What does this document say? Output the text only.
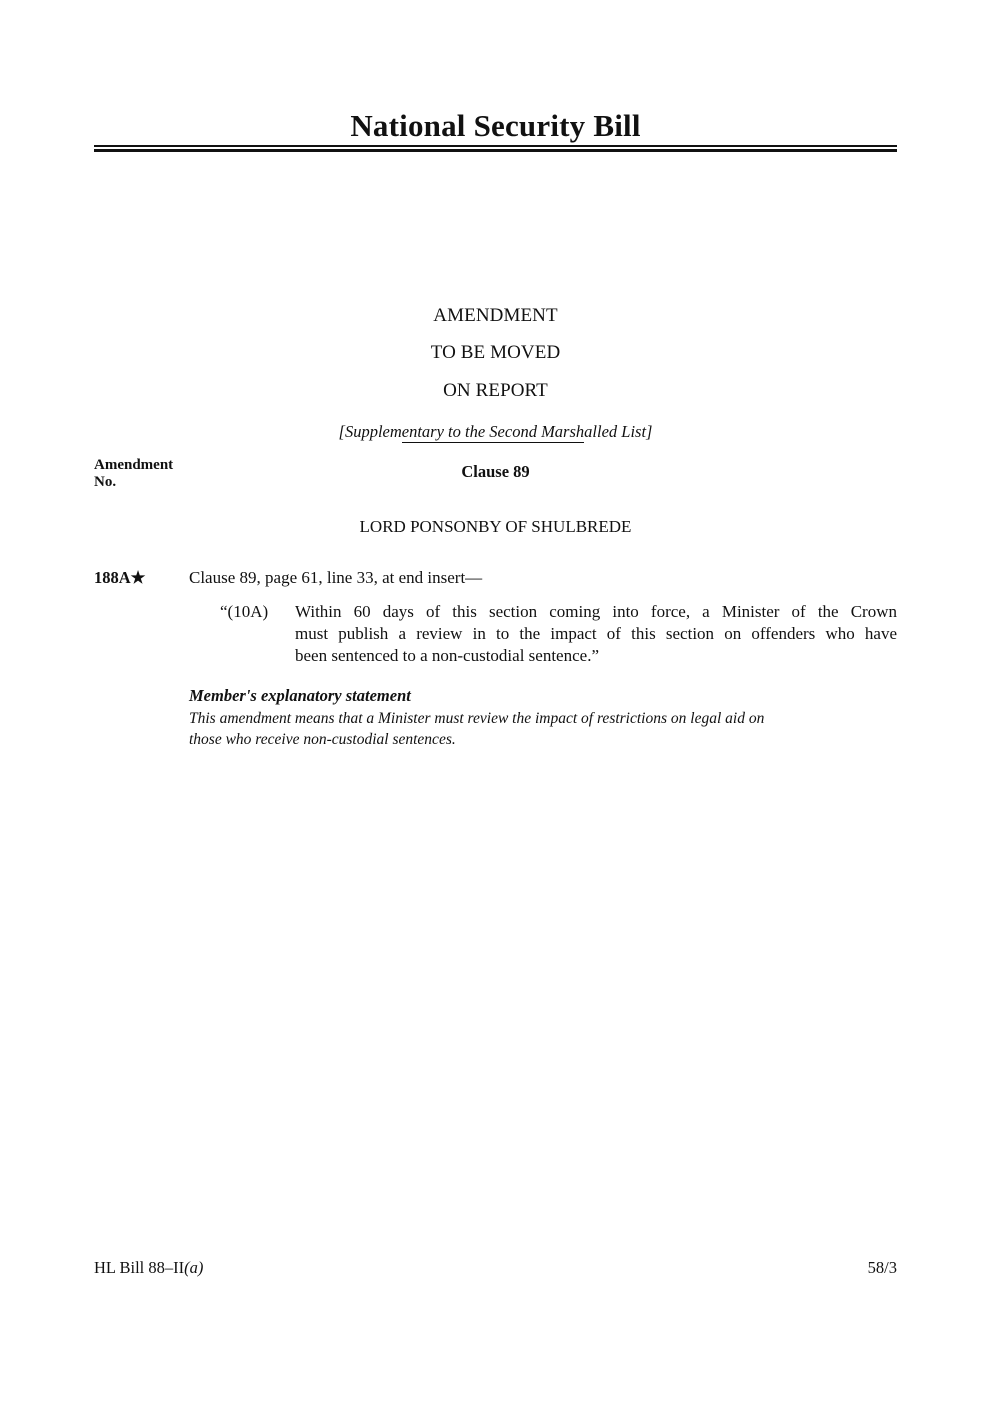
National Security Bill
AMENDMENT
TO BE MOVED
ON REPORT
[Supplementary to the Second Marshalled List]
Amendment
No.
Clause 89
LORD PONSONBY OF SHULBREDE
188A★	Clause 89, page 61, line 33, at end insert—
“(10A) Within 60 days of this section coming into force, a Minister of the Crown
must publish a review in to the impact of this section on offenders who have
been sentenced to a non-custodial sentence.”
Member's explanatory statement
This amendment means that a Minister must review the impact of restrictions on legal aid on
those who receive non-custodial sentences.
HL Bill 88–II(a)	58/3
